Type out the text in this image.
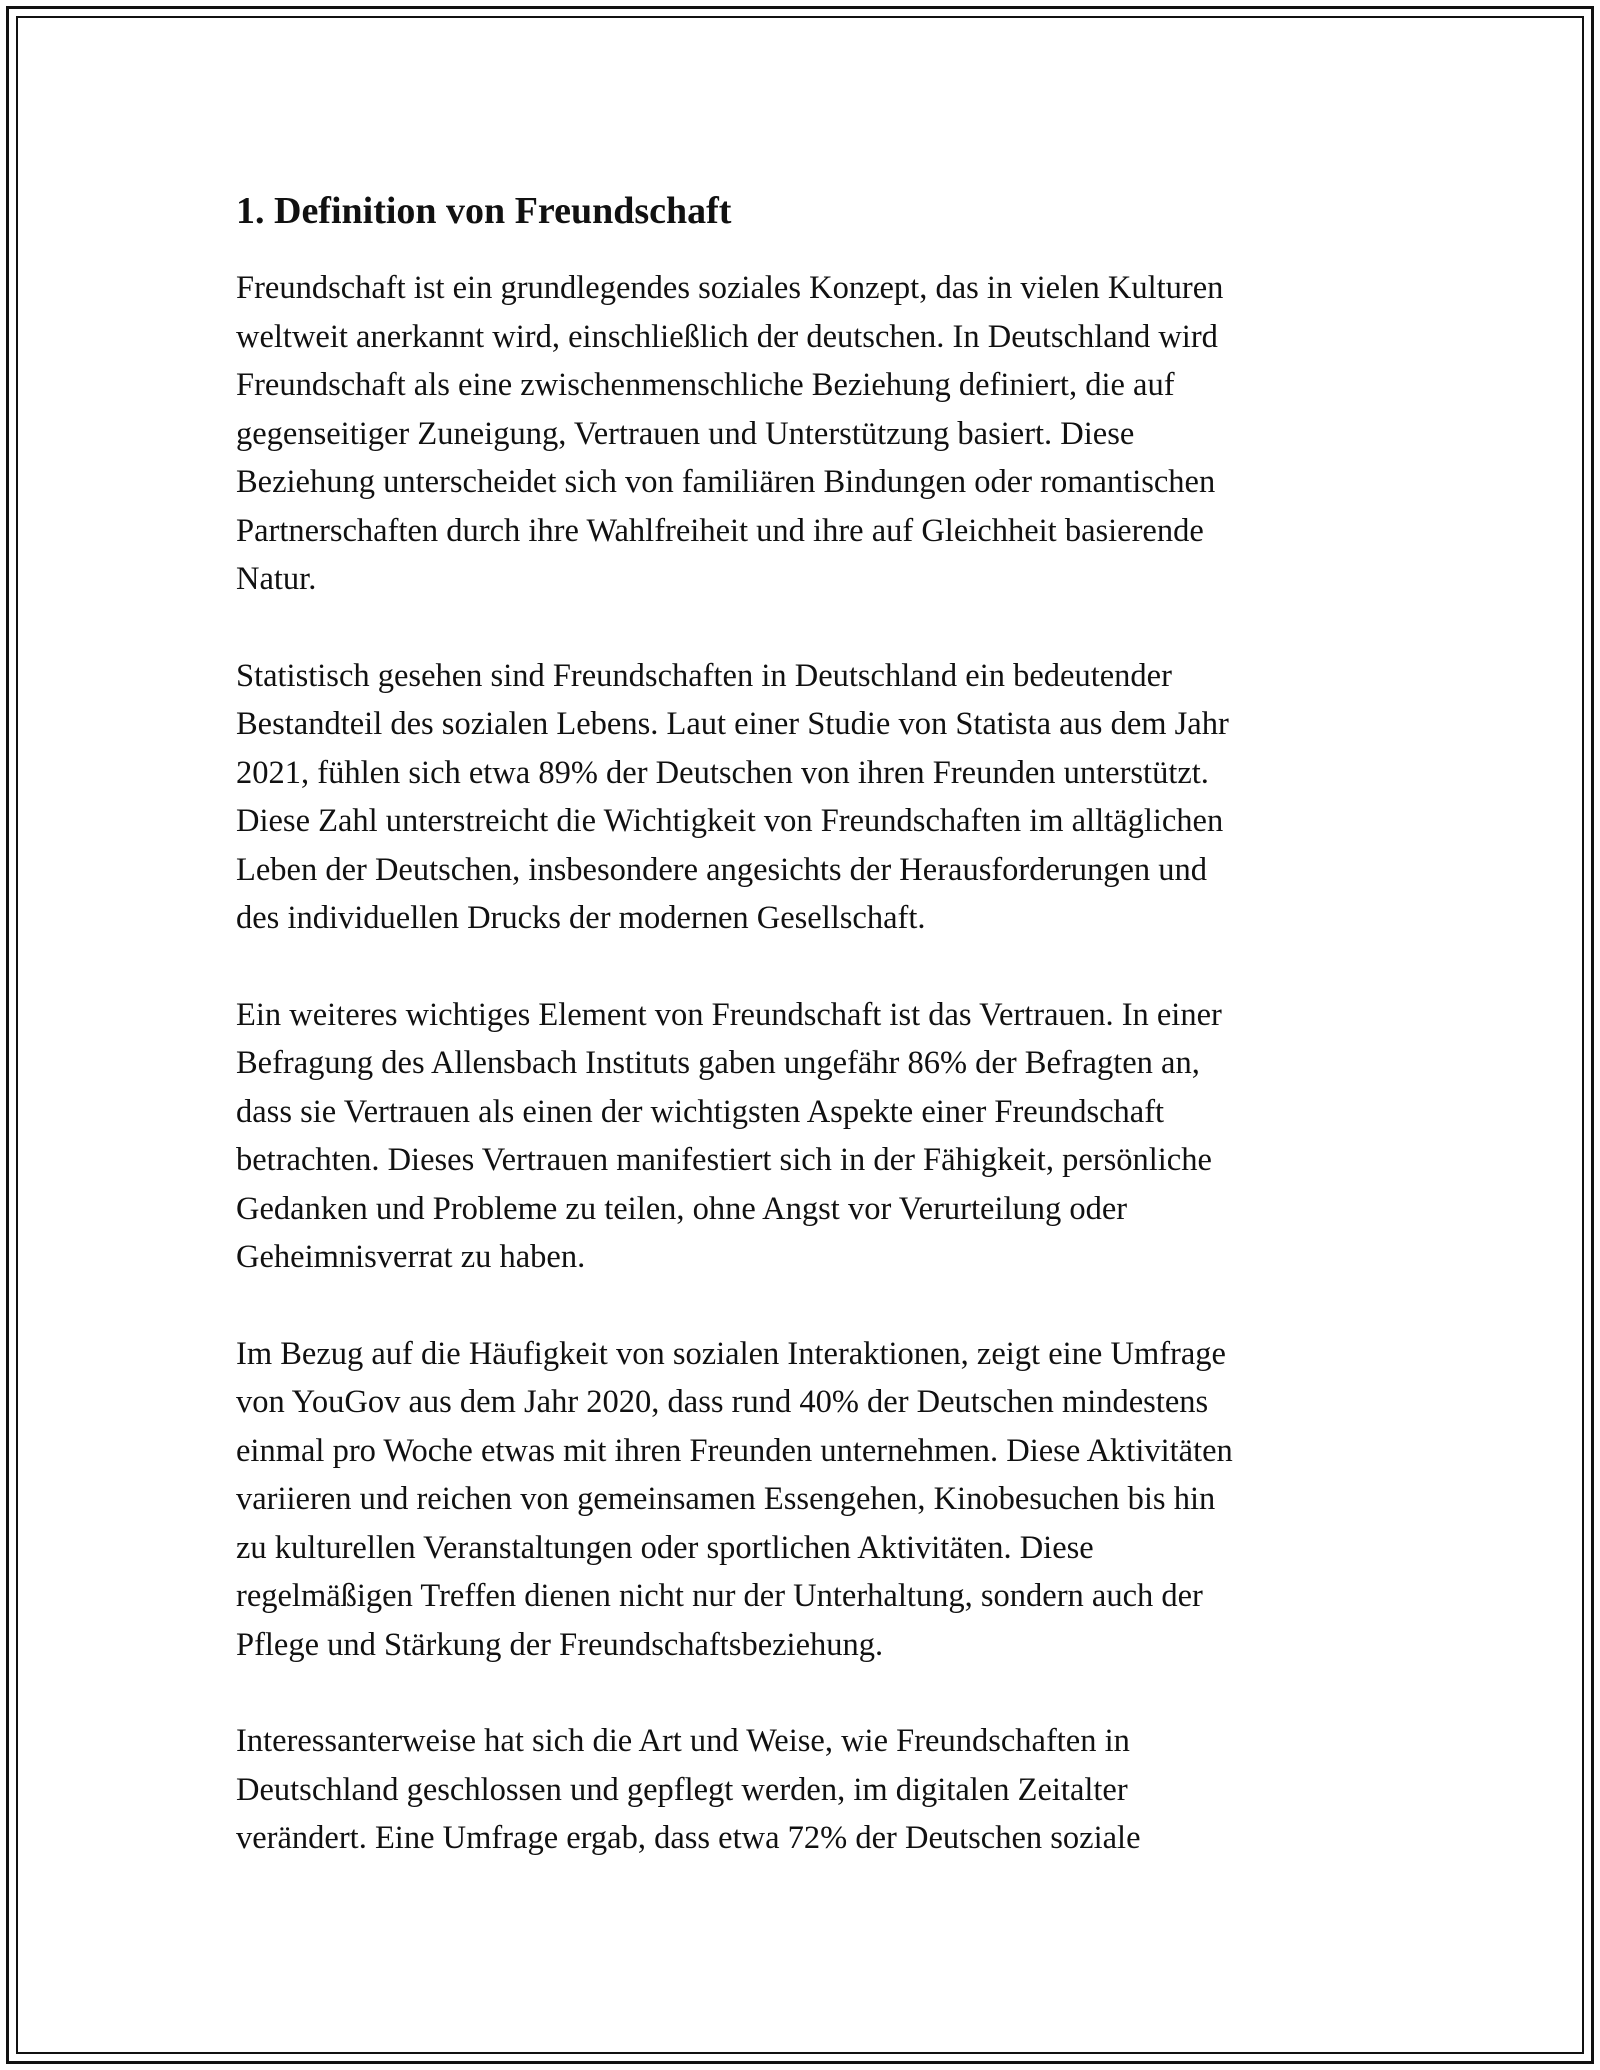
1. Definition von Freundschaft

Freundschaft ist ein grundlegendes soziales Konzept, das in vielen Kulturen
weltweit anerkannt wird, einschließlich der deutschen. In Deutschland wird
Freundschaft als eine zwischenmenschliche Beziehung definiert, die auf
gegenseitiger Zuneigung, Vertrauen und Unterstützung basiert. Diese
Beziehung unterscheidet sich von familiären Bindungen oder romantischen
Partnerschaften durch ihre Wahlfreiheit und ihre auf Gleichheit basierende
Natur.

Statistisch gesehen sind Freundschaften in Deutschland ein bedeutender
Bestandteil des sozialen Lebens. Laut einer Studie von Statista aus dem Jahr
2021, fühlen sich etwa 89% der Deutschen von ihren Freunden unterstützt.
Diese Zahl unterstreicht die Wichtigkeit von Freundschaften im alltäglichen
Leben der Deutschen, insbesondere angesichts der Herausforderungen und
des individuellen Drucks der modernen Gesellschaft.

Ein weiteres wichtiges Element von Freundschaft ist das Vertrauen. In einer
Befragung des Allensbach Instituts gaben ungefähr 86% der Befragten an,
dass sie Vertrauen als einen der wichtigsten Aspekte einer Freundschaft
betrachten. Dieses Vertrauen manifestiert sich in der Fähigkeit, persönliche
Gedanken und Probleme zu teilen, ohne Angst vor Verurteilung oder
Geheimnisverrat zu haben.

Im Bezug auf die Häufigkeit von sozialen Interaktionen, zeigt eine Umfrage
von YouGov aus dem Jahr 2020, dass rund 40% der Deutschen mindestens
einmal pro Woche etwas mit ihren Freunden unternehmen. Diese Aktivitäten
variieren und reichen von gemeinsamen Essengehen, Kinobesuchen bis hin
zu kulturellen Veranstaltungen oder sportlichen Aktivitäten. Diese
regelmäßigen Treffen dienen nicht nur der Unterhaltung, sondern auch der
Pflege und Stärkung der Freundschaftsbeziehung.

Interessanterweise hat sich die Art und Weise, wie Freundschaften in
Deutschland geschlossen und gepflegt werden, im digitalen Zeitalter
verändert. Eine Umfrage ergab, dass etwa 72% der Deutschen soziale
